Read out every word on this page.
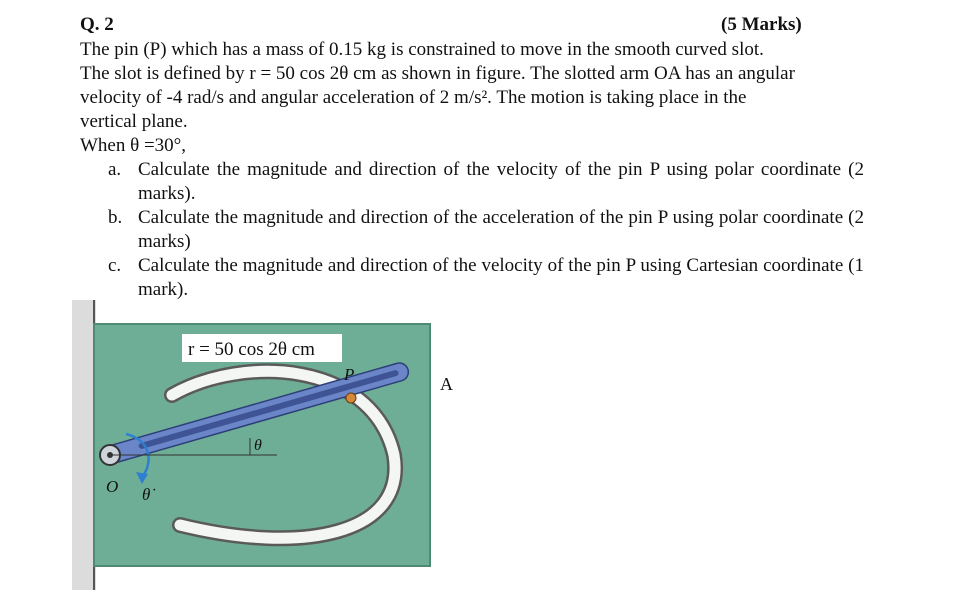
Q. 2	(5 Marks)
The pin (P) which has a mass of 0.15 kg is constrained to move in the smooth curved slot.
The slot is defined by r = 50 cos 2θ cm as shown in figure. The slotted arm OA has an angular
velocity of -4 rad/s and angular acceleration of 2 m/s². The motion is taking place in the
vertical plane.
When θ =30°,
a. Calculate the magnitude and direction of the velocity of the pin P using polar coordinate (2 marks).
b. Calculate the magnitude and direction of the acceleration of the pin P using polar coordinate (2 marks)
c. Calculate the magnitude and direction of the velocity of the pin P using Cartesian coordinate (1 mark).
r = 50 cos 2θ cm
P	A
θ
O θ̇
